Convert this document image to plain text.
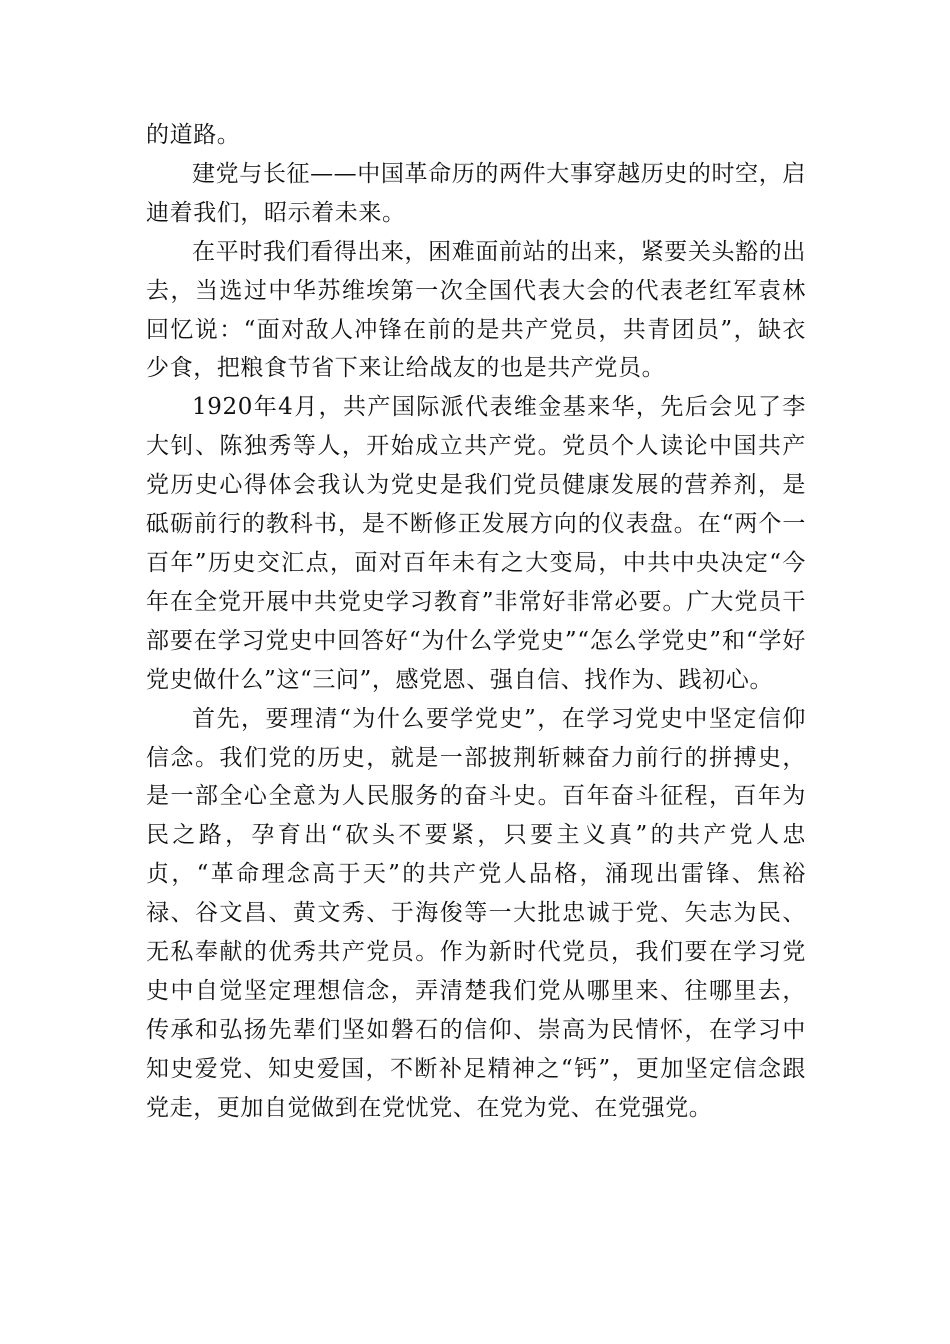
的道路。

建党与长征——中国革命历的两件大事穿越历史的时空，启迪着我们，昭示着未来。

在平时我们看得出来，困难面前站的出来，紧要关头豁的出去，当选过中华苏维埃第一次全国代表大会的代表老红军袁林回忆说：“面对敌人冲锋在前的是共产党员，共青团员”，缺衣少食，把粮食节省下来让给战友的也是共产党员。

1920年4月，共产国际派代表维金基来华，先后会见了李大钊、陈独秀等人，开始成立共产党。党员个人读论中国共产党历史心得体会我认为党史是我们党员健康发展的营养剂，是砥砺前行的教科书，是不断修正发展方向的仪表盘。在“两个一百年”历史交汇点，面对百年未有之大变局，中共中央决定“今年在全党开展中共党史学习教育”非常好非常必要。广大党员干部要在学习党史中回答好“为什么学党史”“怎么学党史”和“学好党史做什么”这“三问”，感党恩、强自信、找作为、践初心。

首先，要理清“为什么要学党史”，在学习党史中坚定信仰信念。我们党的历史，就是一部披荆斩棘奋力前行的拼搏史，是一部全心全意为人民服务的奋斗史。百年奋斗征程，百年为民之路，孕育出“砍头不要紧，只要主义真”的共产党人忠贞，“革命理念高于天”的共产党人品格，涌现出雷锋、焦裕禄、谷文昌、黄文秀、于海俊等一大批忠诚于党、矢志为民、无私奉献的优秀共产党员。作为新时代党员，我们要在学习党史中自觉坚定理想信念，弄清楚我们党从哪里来、往哪里去，传承和弘扬先辈们坚如磐石的信仰、崇高为民情怀，在学习中知史爱党、知史爱国，不断补足精神之“钙”，更加坚定信念跟党走，更加自觉做到在党忧党、在党为党、在党强党。
